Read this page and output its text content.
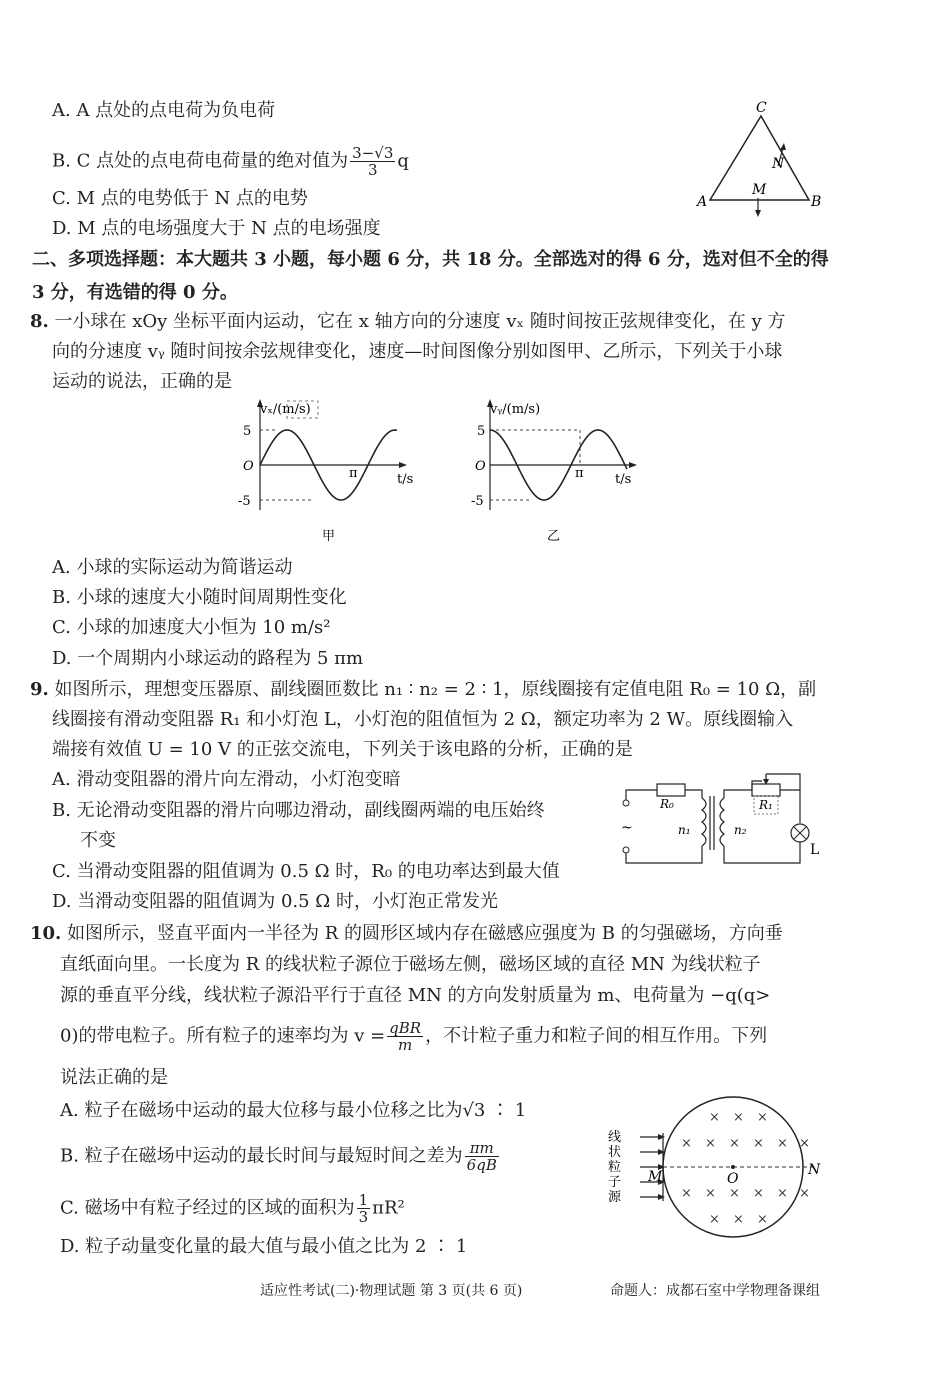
A. A 点处的点电荷为负电荷
B. C 点处的点电荷电荷量的绝对值为 $\frac{3-√3}{3}$ q
C. M 点的电势低于 N 点的电势
D. M 点的电场强度大于 N 点的电场强度
C
N
M
A	B
二、多项选择题：本大题共 3 小题，每小题 6 分，共 18 分。全部选对的得 6 分，选对但不全的得
3 分，有选错的得 0 分。
8. 一小球在 xOy 坐标平面内运动，它在 x 轴方向的分速度 vₓ 随时间按正弦规律变化，在 y 方
向的分速度 vᵧ 随时间按余弦规律变化，速度—时间图像分别如图甲、乙所示，下列关于小球
运动的说法，正确的是
vₓ/(m/s)
5
O
-5
π	t/s
甲
vᵧ/(m/s)
5
O
-5
π t/s
乙
A. 小球的实际运动为简谐运动
B. 小球的速度大小随时间周期性变化
C. 小球的加速度大小恒为 10 m/s²
D. 一个周期内小球运动的路程为 5 πm
9. 如图所示，理想变压器原、副线圈匝数比 n₁ ∶ n₂ = 2 ∶ 1，原线圈接有定值电阻 R₀ = 10 Ω，副
线圈接有滑动变阻器 R₁ 和小灯泡 L，小灯泡的阻值恒为 2 Ω，额定功率为 2 W。原线圈输入
端接有效值 U = 10 V 的正弦交流电，下列关于该电路的分析，正确的是
A. 滑动变阻器的滑片向左滑动，小灯泡变暗
B. 无论滑动变阻器的滑片向哪边滑动，副线圈两端的电压始终
不变
C. 当滑动变阻器的阻值调为 0.5 Ω 时，R₀ 的电功率达到最大值
D. 当滑动变阻器的阻值调为 0.5 Ω 时，小灯泡正常发光
~
R₀
n₁
R₁
n₂
L
10. 如图所示，竖直平面内一半径为 R 的圆形区域内存在磁感应强度为 B 的匀强磁场，方向垂
直纸面向里。一长度为 R 的线状粒子源位于磁场左侧，磁场区域的直径 MN 为线状粒子
源的垂直平分线，线状粒子源沿平行于直径 MN 的方向发射质量为 m、电荷量为 −q(q>
0)的带电粒子。所有粒子的速率均为 $v = \frac{\text{qBR}}{m}$ ，不计粒子重力和粒子间的相互作用。下列
说法正确的是
A. 粒子在磁场中运动的最大位移与最小位移之比为√3 ∶ 1
B. 粒子在磁场中运动的最长时间与最短时间之差为 $\frac{\pi m}{6qB}$
C. 磁场中有粒子经过的区域的面积为 $\frac{1}{3} \pi R^2$
D. 粒子动量变化量的最大值与最小值之比为 2 ∶ 1
× × ×
× × × × × ×
× × × × × ×
× × ×
线
状
粒
子
源
M	O
N
适应性考试(二)·物理试题 第 3 页(共 6 页)	命题人：成都石室中学物理备课组
